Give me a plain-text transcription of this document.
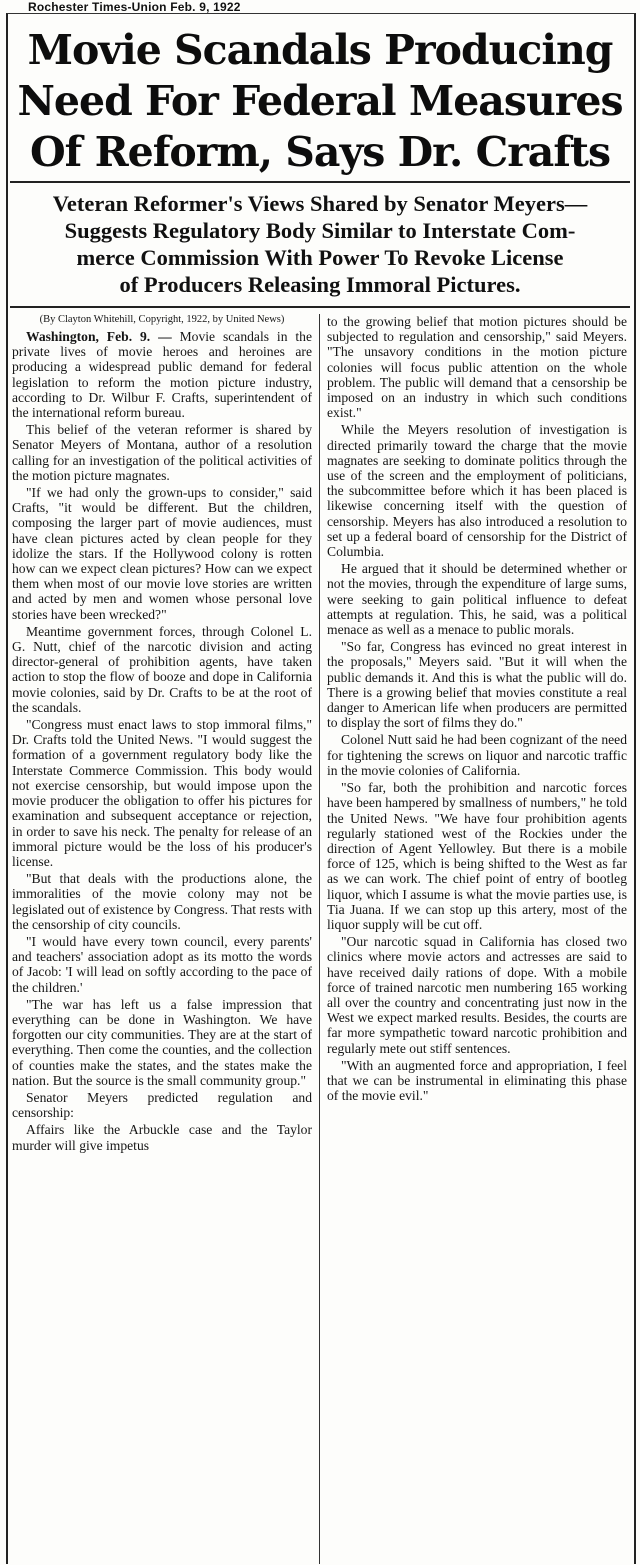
Rochester Times-Union Feb. 9, 1922
Movie Scandals Producing
Need For Federal Measures
Of Reform, Says Dr. Crafts
Veteran Reformer's Views Shared by Senator Meyers—
Suggests Regulatory Body Similar to Interstate Com-
merce Commission With Power To Revoke License
of Producers Releasing Immoral Pictures.

(By Clayton Whitehill, Copyright, 1922, by United News)

Washington, Feb. 9. — Movie scandals in the private lives of movie heroes and heroines are producing a widespread public demand for federal legislation to reform the motion picture industry, according to Dr. Wilbur F. Crafts, superintendent of the international reform bureau.

This belief of the veteran reformer is shared by Senator Meyers of Montana, author of a resolution calling for an investigation of the political activities of the motion picture magnates.

"If we had only the grown-ups to consider," said Crafts, "it would be different. But the children, composing the larger part of movie audiences, must have clean pictures acted by clean people for they idolize the stars. If the Hollywood colony is rotten how can we expect clean pictures? How can we expect them when most of our movie love stories are written and acted by men and women whose personal love stories have been wrecked?"

Meantime government forces, through Colonel L. G. Nutt, chief of the narcotic division and acting director-general of prohibition agents, have taken action to stop the flow of booze and dope in California movie colonies, said by Dr. Crafts to be at the root of the scandals.

"Congress must enact laws to stop immoral films," Dr. Crafts told the United News. "I would suggest the formation of a government regulatory body like the Interstate Commerce Commission. This body would not exercise censorship, but would impose upon the movie producer the obligation to offer his pictures for examination and subsequent acceptance or rejection, in order to save his neck. The penalty for release of an immoral picture would be the loss of his producer's license.

"But that deals with the productions alone, the immoralities of the movie colony may not be legislated out of existence by Congress. That rests with the censorship of city councils.

"I would have every town council, every parents' and teachers' association adopt as its motto the words of Jacob: 'I will lead on softly according to the pace of the children.'

"The war has left us a false impression that everything can be done in Washington. We have forgotten our city communities. They are at the start of everything. Then come the counties, and the collection of counties make the states, and the states make the nation. But the source is the small community group."

Senator Meyers predicted regulation and censorship:

Affairs like the Arbuckle case and the Taylor murder will give impetus

to the growing belief that motion pictures should be subjected to regulation and censorship," said Meyers. "The unsavory conditions in the motion picture colonies will focus public attention on the whole problem. The public will demand that a censorship be imposed on an industry in which such conditions exist."

While the Meyers resolution of investigation is directed primarily toward the charge that the movie magnates are seeking to dominate politics through the use of the screen and the employment of politicians, the subcommittee before which it has been placed is likewise concerning itself with the question of censorship. Meyers has also introduced a resolution to set up a federal board of censorship for the District of Columbia.

He argued that it should be determined whether or not the movies, through the expenditure of large sums, were seeking to gain political influence to defeat attempts at regulation. This, he said, was a political menace as well as a menace to public morals.

"So far, Congress has evinced no great interest in the proposals," Meyers said. "But it will when the public demands it. And this is what the public will do. There is a growing belief that movies constitute a real danger to American life when producers are permitted to display the sort of films they do."

Colonel Nutt said he had been cognizant of the need for tightening the screws on liquor and narcotic traffic in the movie colonies of California.

"So far, both the prohibition and narcotic forces have been hampered by smallness of numbers," he told the United News. "We have four prohibition agents regularly stationed west of the Rockies under the direction of Agent Yellowley. But there is a mobile force of 125, which is being shifted to the West as far as we can work. The chief point of entry of bootleg liquor, which I assume is what the movie parties use, is Tia Juana. If we can stop up this artery, most of the liquor supply will be cut off.

"Our narcotic squad in California has closed two clinics where movie actors and actresses are said to have received daily rations of dope. With a mobile force of trained narcotic men numbering 165 working all over the country and concentrating just now in the West we expect marked results. Besides, the courts are far more sympathetic toward narcotic prohibition and regularly mete out stiff sentences.

"With an augmented force and appropriation, I feel that we can be instrumental in eliminating this phase of the movie evil."
